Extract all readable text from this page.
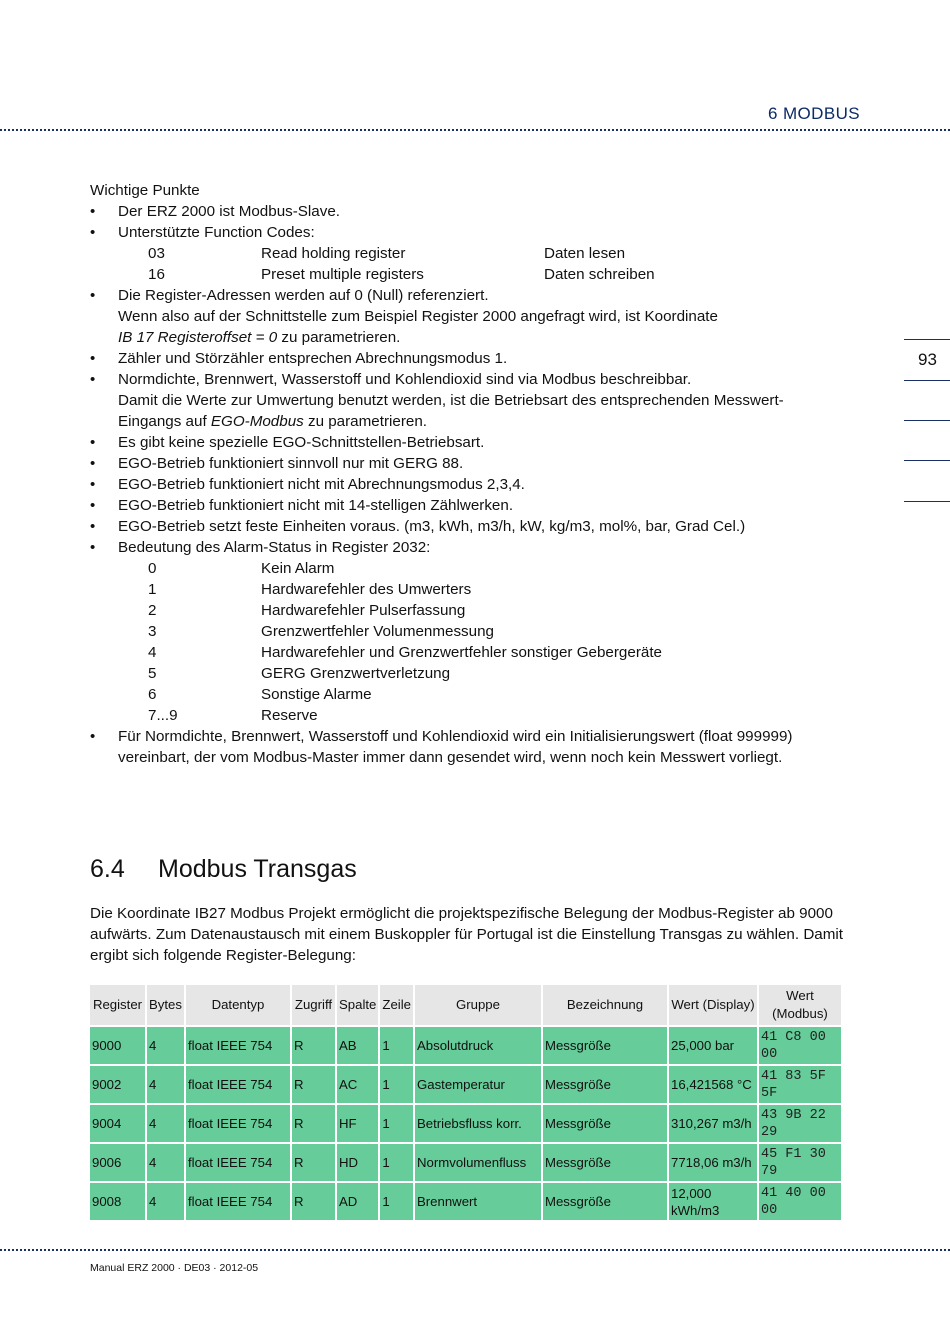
6 MODBUS
93

Wichtige Punkte

• Der ERZ 2000 ist Modbus-Slave.
• Unterstützte Function Codes:
03	Read holding register	Daten lesen
16	Preset multiple registers	Daten schreiben
• Die Register-Adressen werden auf 0 (Null) referenziert.
Wenn also auf der Schnittstelle zum Beispiel Register 2000 angefragt wird, ist Koordinate
IB 17 Registeroffset = 0 zu parametrieren.
• Zähler und Störzähler entsprechen Abrechnungsmodus 1.
• Normdichte, Brennwert, Wasserstoff und Kohlendioxid sind via Modbus beschreibbar.
Damit die Werte zur Umwertung benutzt werden, ist die Betriebsart des entsprechenden Messwert-
Eingangs auf EGO-Modbus zu parametrieren.
• Es gibt keine spezielle EGO-Schnittstellen-Betriebsart.
• EGO-Betrieb funktioniert sinnvoll nur mit GERG 88.
• EGO-Betrieb funktioniert nicht mit Abrechnungsmodus 2,3,4.
• EGO-Betrieb funktioniert nicht mit 14-stelligen Zählwerken.
• EGO-Betrieb setzt feste Einheiten voraus. (m3, kWh, m3/h, kW, kg/m3, mol%, bar, Grad Cel.)
• Bedeutung des Alarm-Status in Register 2032:
0	Kein Alarm
1	Hardwarefehler des Umwerters
2	Hardwarefehler Pulserfassung
3	Grenzwertfehler Volumenmessung
4	Hardwarefehler und Grenzwertfehler sonstiger Gebergeräte
5	GERG Grenzwertverletzung
6	Sonstige Alarme
7...9	Reserve
• Für Normdichte, Brennwert, Wasserstoff und Kohlendioxid wird ein Initialisierungswert (float 999999)
vereinbart, der vom Modbus-Master immer dann gesendet wird, wenn noch kein Messwert vorliegt.
6.4 Modbus Transgas

Die Koordinate IB27 Modbus Projekt ermöglicht die projektspezifische Belegung der Modbus-Register ab 9000 aufwärts. Zum Datenaustausch mit einem Buskoppler für Portugal ist die Einstellung Transgas zu wählen. Damit ergibt sich folgende Register-Belegung:

Register	Bytes	Datentyp	Zugriff	Spalte	Zeile	Gruppe	Bezeichnung	Wert (Display)	Wert (Modbus)
9000	4	float IEEE 754	R	AB	1	Absolutdruck	Messgröße	25,000 bar	41 C8 00 00
9002	4	float IEEE 754	R	AC	1	Gastemperatur	Messgröße	16,421568 °C	41 83 5F 5F
9004	4	float IEEE 754	R	HF	1	Betriebsfluss korr.	Messgröße	310,267 m3/h	43 9B 22 29
9006	4	float IEEE 754	R	HD	1	Normvolumenfluss	Messgröße	7718,06 m3/h	45 F1 30 79
9008	4	float IEEE 754	R	AD	1	Brennwert	Messgröße	12,000 kWh/m3	41 40 00 00
Manual ERZ 2000 · DE03 · 2012-05
